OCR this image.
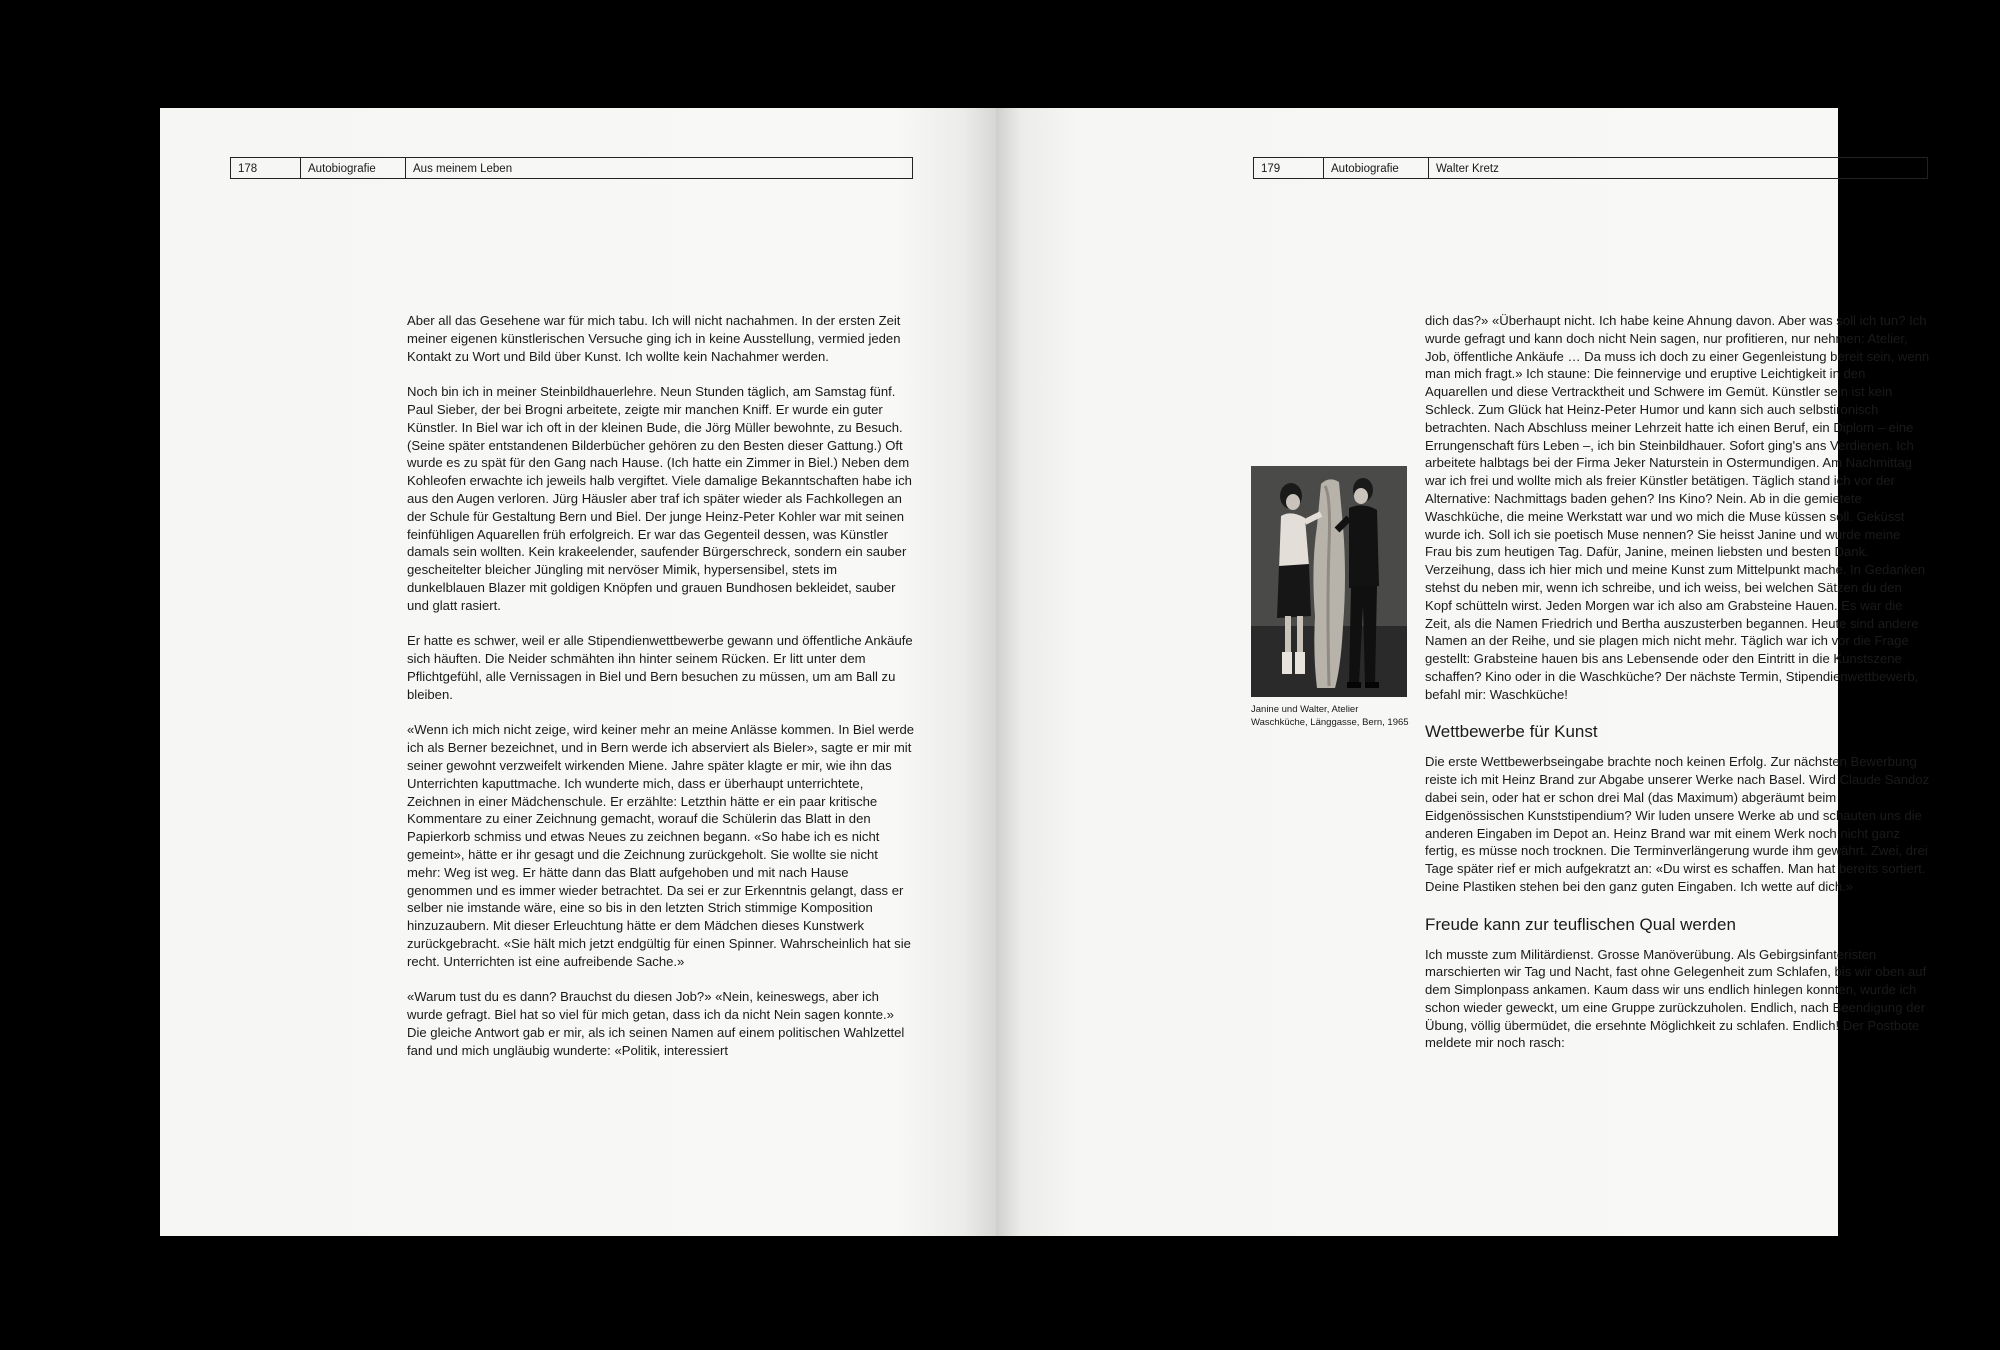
178	Autobiografie	Aus meinem Leben

Aber all das Gesehene war für mich tabu. Ich will nicht nachahmen. In der ersten Zeit meiner eigenen künstlerischen Versuche ging ich in keine Ausstellung, vermied jeden Kontakt zu Wort und Bild über Kunst. Ich wollte kein Nachahmer werden.

Noch bin ich in meiner Steinbildhauerlehre. Neun Stunden täglich, am Samstag fünf. Paul Sieber, der bei Brogni arbeitete, zeigte mir manchen Kniff. Er wurde ein guter Künstler. In Biel war ich oft in der kleinen Bude, die Jörg Müller bewohnte, zu Besuch. (Seine später entstandenen Bilderbücher gehören zu den Besten dieser Gattung.) Oft wurde es zu spät für den Gang nach Hause. (Ich hatte ein Zimmer in Biel.) Neben dem Kohleofen erwachte ich jeweils halb vergiftet. Viele damalige Bekanntschaften habe ich aus den Augen verloren. Jürg Häusler aber traf ich später wieder als Fachkollegen an der Schule für Gestaltung Bern und Biel. Der junge Heinz-Peter Kohler war mit seinen feinfühligen Aquarellen früh erfolgreich. Er war das Gegenteil dessen, was Künstler damals sein wollten. Kein krakeelender, saufender Bürgerschreck, sondern ein sauber gescheitelter bleicher Jüngling mit nervöser Mimik, hypersensibel, stets im dunkelblauen Blazer mit goldigen Knöpfen und grauen Bundhosen bekleidet, sauber und glatt rasiert.

Er hatte es schwer, weil er alle Stipendienwettbewerbe gewann und öffentliche Ankäufe sich häuften. Die Neider schmähten ihn hinter seinem Rücken. Er litt unter dem Pflichtgefühl, alle Vernissagen in Biel und Bern besuchen zu müssen, um am Ball zu bleiben.

«Wenn ich mich nicht zeige, wird keiner mehr an meine Anlässe kommen. In Biel werde ich als Berner bezeichnet, und in Bern werde ich abserviert als Bieler», sagte er mir mit seiner gewohnt verzweifelt wirkenden Miene. Jahre später klagte er mir, wie ihn das Unterrichten kaputtmache. Ich wunderte mich, dass er überhaupt unterrichtete, Zeichnen in einer Mädchenschule. Er erzählte: Letzthin hätte er ein paar kritische Kommentare zu einer Zeichnung gemacht, worauf die Schülerin das Blatt in den Papierkorb schmiss und etwas Neues zu zeichnen begann. «So habe ich es nicht gemeint», hätte er ihr gesagt und die Zeichnung zurückgeholt. Sie wollte sie nicht mehr: Weg ist weg. Er hätte dann das Blatt aufgehoben und mit nach Hause genommen und es immer wieder betrachtet. Da sei er zur Erkenntnis gelangt, dass er selber nie imstande wäre, eine so bis in den letzten Strich stimmige Komposition hinzuzaubern. Mit dieser Erleuchtung hätte er dem Mädchen dieses Kunstwerk zurückgebracht. «Sie hält mich jetzt endgültig für einen Spinner. Wahrscheinlich hat sie recht. Unterrichten ist eine aufreibende Sache.»

«Warum tust du es dann? Brauchst du diesen Job?» «Nein, keineswegs, aber ich wurde gefragt. Biel hat so viel für mich getan, dass ich da nicht Nein sagen konnte.» Die gleiche Antwort gab er mir, als ich seinen Namen auf einem politischen Wahlzettel fand und mich ungläubig wunderte: «Politik, interessiert

179	Autobiografie	Walter Kretz
Janine und Walter, Atelier Waschküche, Länggasse, Bern, 1965

dich das?» «Überhaupt nicht. Ich habe keine Ahnung davon. Aber was soll ich tun? Ich wurde gefragt und kann doch nicht Nein sagen, nur profitieren, nur nehmen: Atelier, Job, öffentliche Ankäufe … Da muss ich doch zu einer Gegenleistung bereit sein, wenn man mich fragt.» Ich staune: Die feinnervige und eruptive Leichtigkeit in den Aquarellen und diese Vertracktheit und Schwere im Gemüt. Künstler sein ist kein Schleck. Zum Glück hat Heinz-Peter Humor und kann sich auch selbstironisch betrachten. Nach Abschluss meiner Lehrzeit hatte ich einen Beruf, ein Diplom – eine Errungenschaft fürs Leben –, ich bin Steinbildhauer. Sofort ging's ans Verdienen. Ich arbeitete halbtags bei der Firma Jeker Naturstein in Ostermundigen. Am Nachmittag war ich frei und wollte mich als freier Künstler betätigen. Täglich stand ich vor der Alternative: Nachmittags baden gehen? Ins Kino? Nein. Ab in die gemietete Waschküche, die meine Werkstatt war und wo mich die Muse küssen soll. Geküsst wurde ich. Soll ich sie poetisch Muse nennen? Sie heisst Janine und wurde meine Frau bis zum heutigen Tag. Dafür, Janine, meinen liebsten und besten Dank. Verzeihung, dass ich hier mich und meine Kunst zum Mittelpunkt mache. In Gedanken stehst du neben mir, wenn ich schreibe, und ich weiss, bei welchen Sätzen du den Kopf schütteln wirst. Jeden Morgen war ich also am Grabsteine Hauen. Es war die Zeit, als die Namen Friedrich und Bertha auszusterben begannen. Heute sind andere Namen an der Reihe, und sie plagen mich nicht mehr. Täglich war ich vor die Frage gestellt: Grabsteine hauen bis ans Lebensende oder den Eintritt in die Kunstszene schaffen? Kino oder in die Waschküche? Der nächste Termin, Stipendienwettbewerb, befahl mir: Waschküche!

Wettbewerbe für Kunst

Die erste Wettbewerbseingabe brachte noch keinen Erfolg. Zur nächsten Bewerbung reiste ich mit Heinz Brand zur Abgabe unserer Werke nach Basel. Wird Claude Sandoz dabei sein, oder hat er schon drei Mal (das Maximum) abgeräumt beim Eidgenössischen Kunststipendium? Wir luden unsere Werke ab und schauten uns die anderen Eingaben im Depot an. Heinz Brand war mit einem Werk noch nicht ganz fertig, es müsse noch trocknen. Die Terminverlängerung wurde ihm gewährt. Zwei, drei Tage später rief er mich aufgekratzt an: «Du wirst es schaffen. Man hat bereits sortiert. Deine Plastiken stehen bei den ganz guten Eingaben. Ich wette auf dich.»

Freude kann zur teuflischen Qual werden

Ich musste zum Militärdienst. Grosse Manöverübung. Als Gebirgsinfanteristen marschierten wir Tag und Nacht, fast ohne Gelegenheit zum Schlafen, bis wir oben auf dem Simplonpass ankamen. Kaum dass wir uns endlich hinlegen konnten, wurde ich schon wieder geweckt, um eine Gruppe zurückzuholen. Endlich, nach Beendigung der Übung, völlig übermüdet, die ersehnte Möglichkeit zu schlafen. Endlich! Der Postbote meldete mir noch rasch:
